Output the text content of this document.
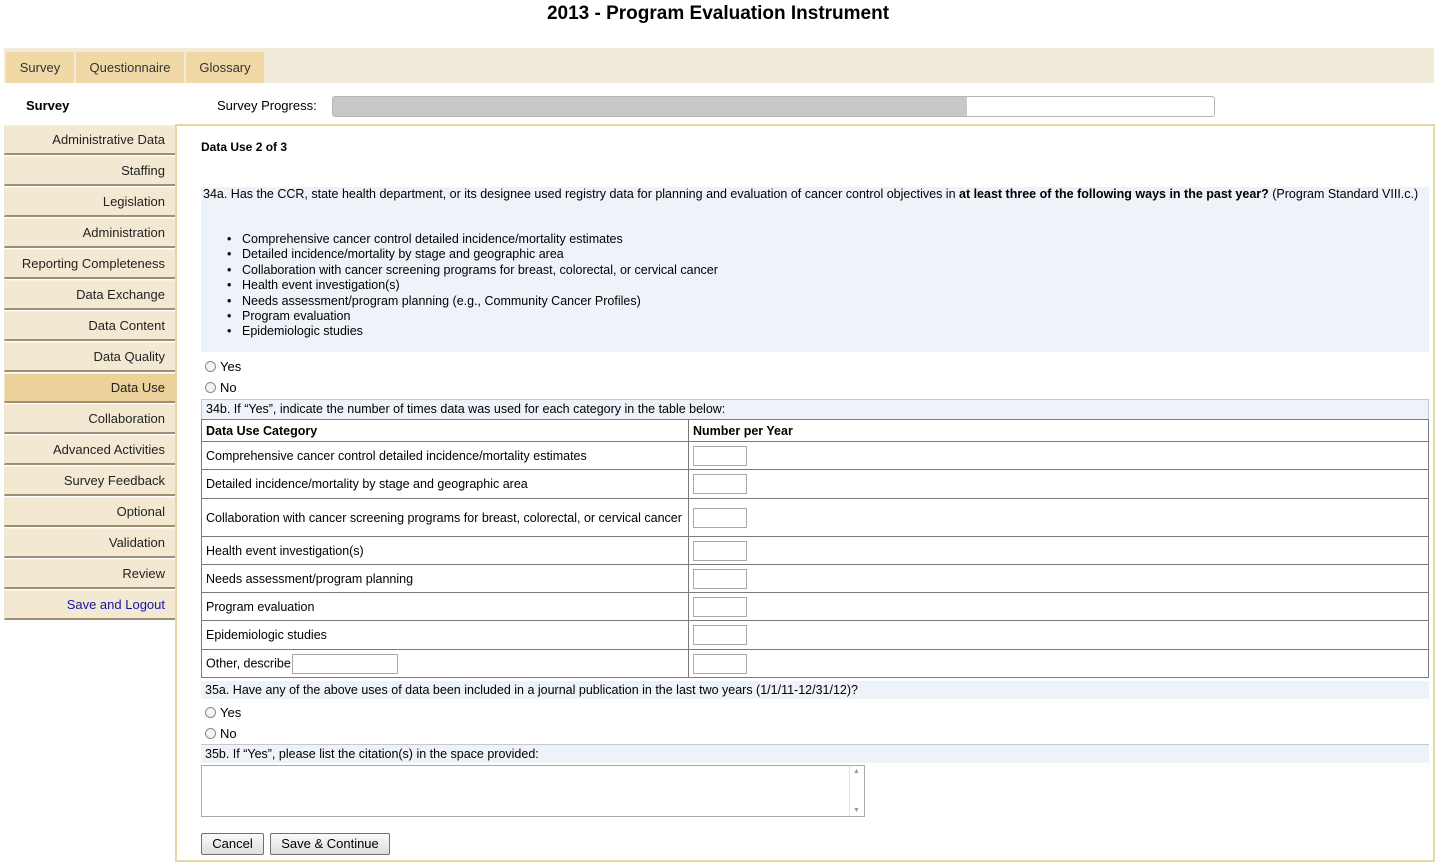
2013 - Program Evaluation Instrument
Survey	Questionnaire	Glossary
Survey	Survey Progress:
Administrative Data
Staffing
Legislation
Administration
Reporting Completeness
Data Exchange
Data Content
Data Quality
Data Use
Collaboration
Advanced Activities
Survey Feedback
Optional
Validation
Review
Save and Logout
Data Use 2 of 3
34a. Has the CCR, state health department, or its designee used registry data for planning and evaluation of cancer control objectives in at least three of the following ways in the past year? (Program Standard VIII.c.)
• Comprehensive cancer control detailed incidence/mortality estimates
• Detailed incidence/mortality by stage and geographic area
• Collaboration with cancer screening programs for breast, colorectal, or cervical cancer
• Health event investigation(s)
• Needs assessment/program planning (e.g., Community Cancer Profiles)
• Program evaluation
• Epidemiologic studies
Yes
No
34b. If “Yes”, indicate the number of times data was used for each category in the table below:
Data Use Category	Number per Year
Comprehensive cancer control detailed incidence/mortality estimates	
Detailed incidence/mortality by stage and geographic area	
Collaboration with cancer screening programs for breast, colorectal, or cervical cancer	
Health event investigation(s)	
Needs assessment/program planning	
Program evaluation	
Epidemiologic studies	
Other, describe	
35a. Have any of the above uses of data been included in a journal publication in the last two years (1/1/11-12/31/12)?
Yes
No
35b. If “Yes”, please list the citation(s) in the space provided:
▲
▼
Cancel	Save & Continue
